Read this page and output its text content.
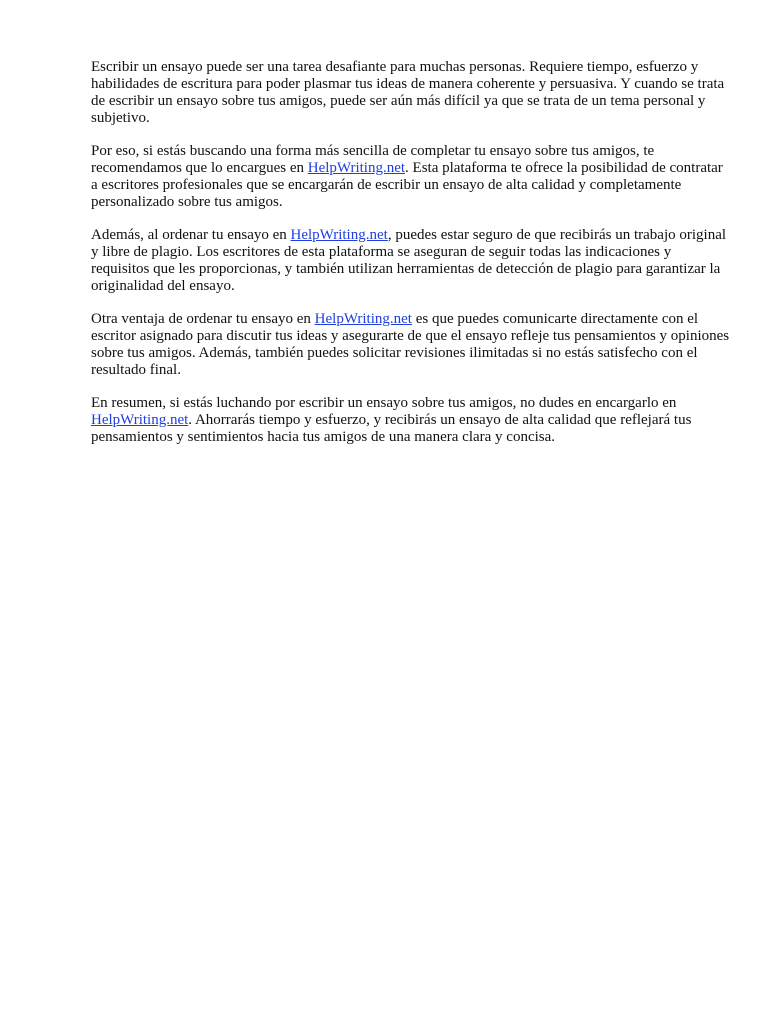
Escribir un ensayo puede ser una tarea desafiante para muchas personas. Requiere tiempo, esfuerzo y habilidades de escritura para poder plasmar tus ideas de manera coherente y persuasiva. Y cuando se trata de escribir un ensayo sobre tus amigos, puede ser aún más difícil ya que se trata de un tema personal y subjetivo.

Por eso, si estás buscando una forma más sencilla de completar tu ensayo sobre tus amigos, te recomendamos que lo encargues en HelpWriting.net. Esta plataforma te ofrece la posibilidad de contratar a escritores profesionales que se encargarán de escribir un ensayo de alta calidad y completamente personalizado sobre tus amigos.

Además, al ordenar tu ensayo en HelpWriting.net, puedes estar seguro de que recibirás un trabajo original y libre de plagio. Los escritores de esta plataforma se aseguran de seguir todas las indicaciones y requisitos que les proporcionas, y también utilizan herramientas de detección de plagio para garantizar la originalidad del ensayo.

Otra ventaja de ordenar tu ensayo en HelpWriting.net es que puedes comunicarte directamente con el escritor asignado para discutir tus ideas y asegurarte de que el ensayo refleje tus pensamientos y opiniones sobre tus amigos. Además, también puedes solicitar revisiones ilimitadas si no estás satisfecho con el resultado final.

En resumen, si estás luchando por escribir un ensayo sobre tus amigos, no dudes en encargarlo en HelpWriting.net. Ahorrarás tiempo y esfuerzo, y recibirás un ensayo de alta calidad que reflejará tus pensamientos y sentimientos hacia tus amigos de una manera clara y concisa.
